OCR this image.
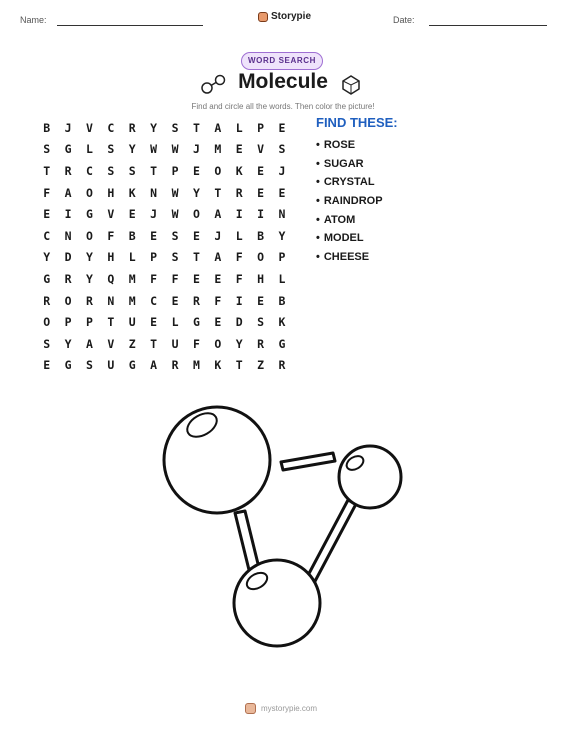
Name:	Storypie	Date:
WORD SEARCH
Molecule
Find and circle all the words. Then color the picture!
B	J	V	C	R	Y	S	T	A	L	P	E
S	G	L	S	Y	W	W	J	M	E	V	S
T	R	C	S	S	T	P	E	O	K	E	J
F	A	O	H	K	N	W	Y	T	R	E	E
E	I	G	V	E	J	W	O	A	I	I	N
C	N	O	F	B	E	S	E	J	L	B	Y
Y	D	Y	H	L	P	S	T	A	F	O	P
G	R	Y	Q	M	F	F	E	E	F	H	L
R	O	R	N	M	C	E	R	F	I	E	B
O	P	P	T	U	E	L	G	E	D	S	K
S	Y	A	V	Z	T	U	F	O	Y	R	G
E	G	S	U	G	A	R	M	K	T	Z	R
FIND THESE:
• ROSE
• SUGAR
• CRYSTAL
• RAINDROP
• ATOM
• MODEL
• CHEESE
mystorypie.com
